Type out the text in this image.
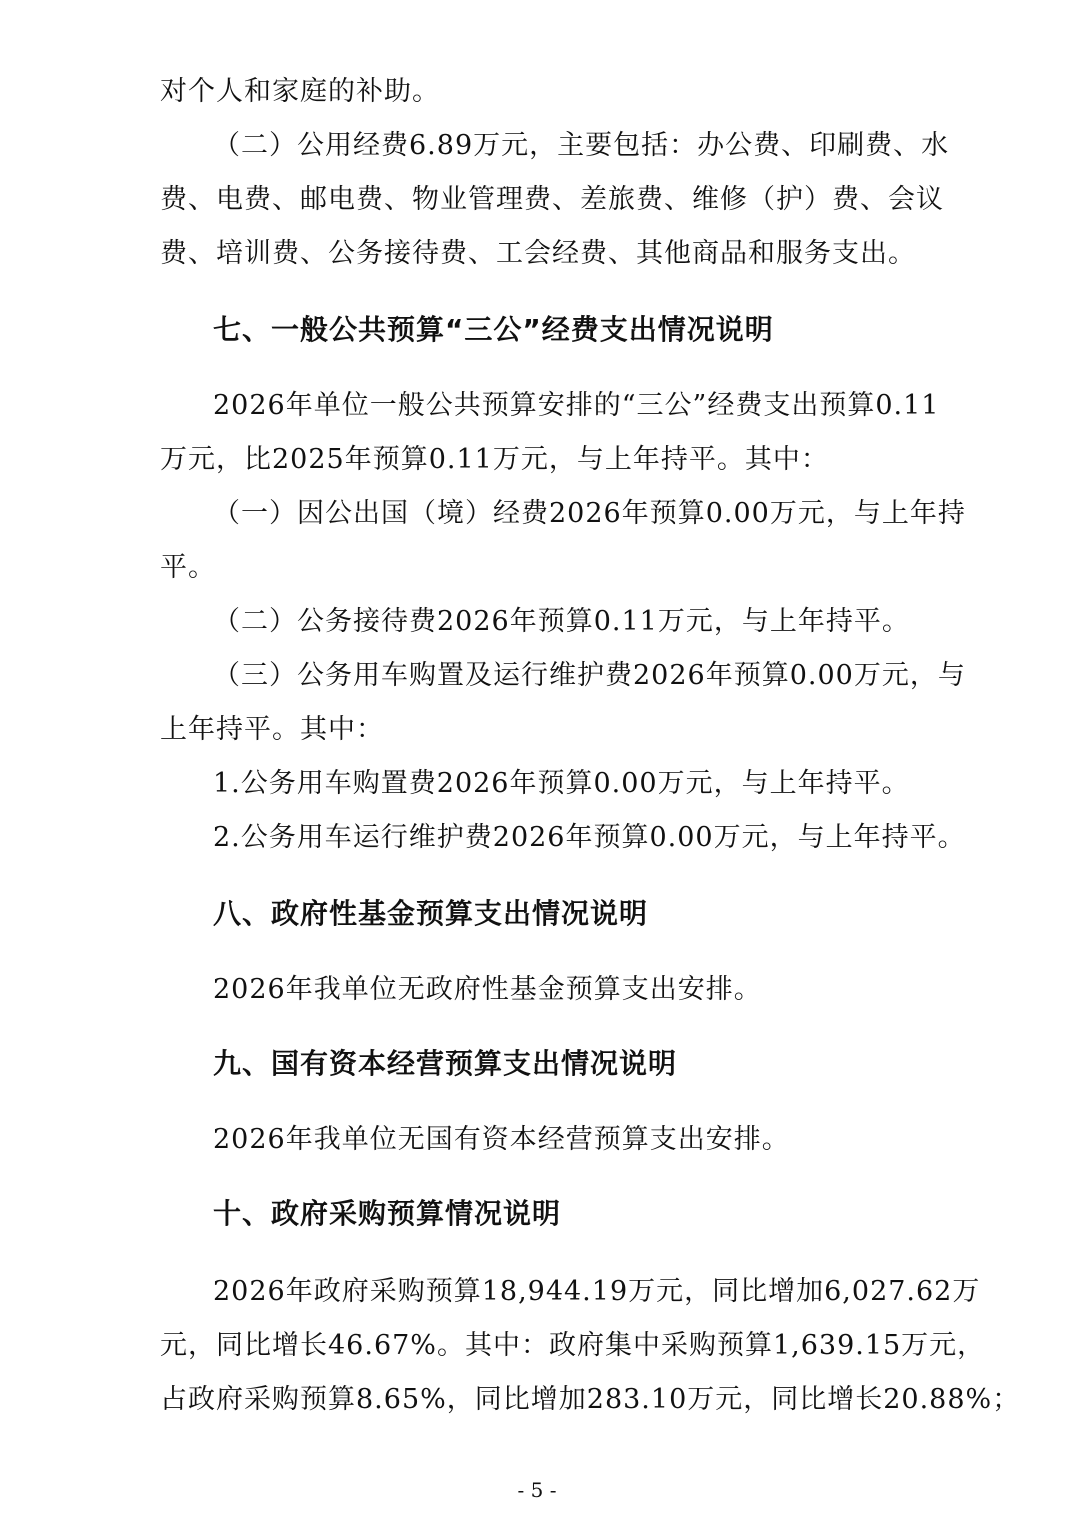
对个人和家庭的补助。
（二）公用经费6.89万元，主要包括：办公费、印刷费、水
费、电费、邮电费、物业管理费、差旅费、维修（护）费、会议
费、培训费、公务接待费、工会经费、其他商品和服务支出。
七、一般公共预算“三公”经费支出情况说明
2026年单位一般公共预算安排的“三公”经费支出预算0.11
万元，比2025年预算0.11万元，与上年持平。其中：
（一）因公出国（境）经费2026年预算0.00万元，与上年持
平。
（二）公务接待费2026年预算0.11万元，与上年持平。
（三）公务用车购置及运行维护费2026年预算0.00万元，与
上年持平。其中：
1.公务用车购置费2026年预算0.00万元，与上年持平。
2.公务用车运行维护费2026年预算0.00万元，与上年持平。
八、政府性基金预算支出情况说明
2026年我单位无政府性基金预算支出安排。
九、国有资本经营预算支出情况说明
2026年我单位无国有资本经营预算支出安排。
十、政府采购预算情况说明
2026年政府采购预算18,944.19万元，同比增加6,027.62万
元，同比增长46.67%。其中：政府集中采购预算1,639.15万元，
占政府采购预算8.65%，同比增加283.10万元，同比增长20.88%；
- 5 -
